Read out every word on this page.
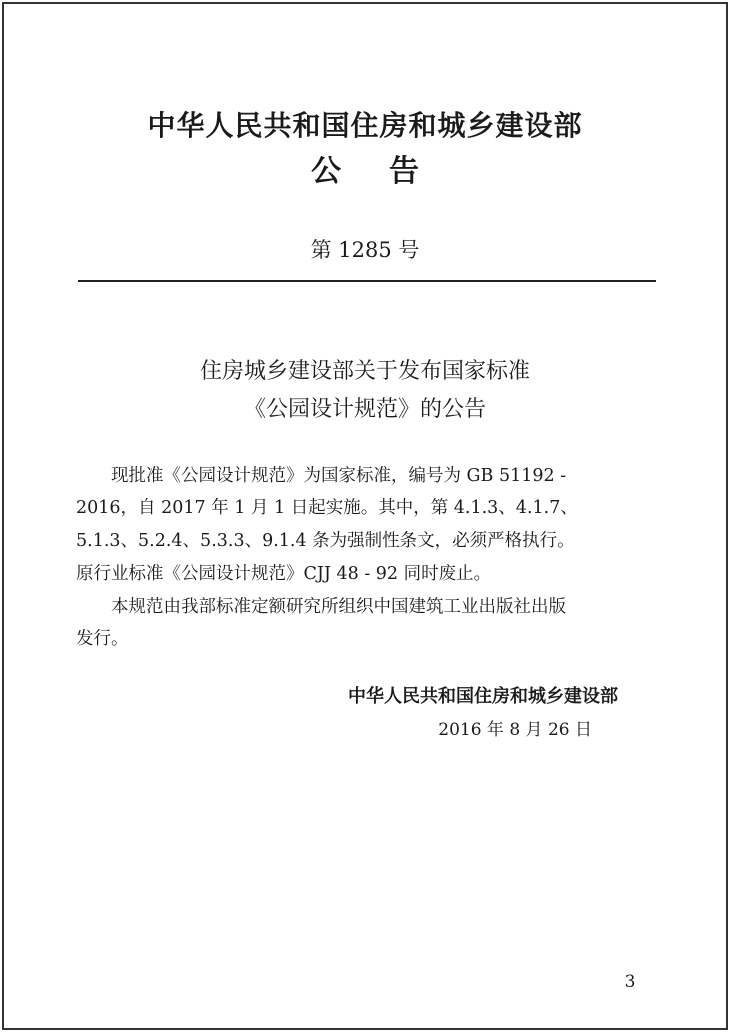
中华人民共和国住房和城乡建设部
公告
第 1285 号
住房城乡建设部关于发布国家标准
《公园设计规范》的公告
现批准《公园设计规范》为国家标准，编号为 GB 51192 -
2016，自 2017 年 1 月 1 日起实施。其中，第 4.1.3、4.1.7、
5.1.3、5.2.4、5.3.3、9.1.4 条为强制性条文，必须严格执行。
原行业标准《公园设计规范》CJJ 48 - 92 同时废止。
本规范由我部标准定额研究所组织中国建筑工业出版社出版
发行。
中华人民共和国住房和城乡建设部
2016 年 8 月 26 日
3
